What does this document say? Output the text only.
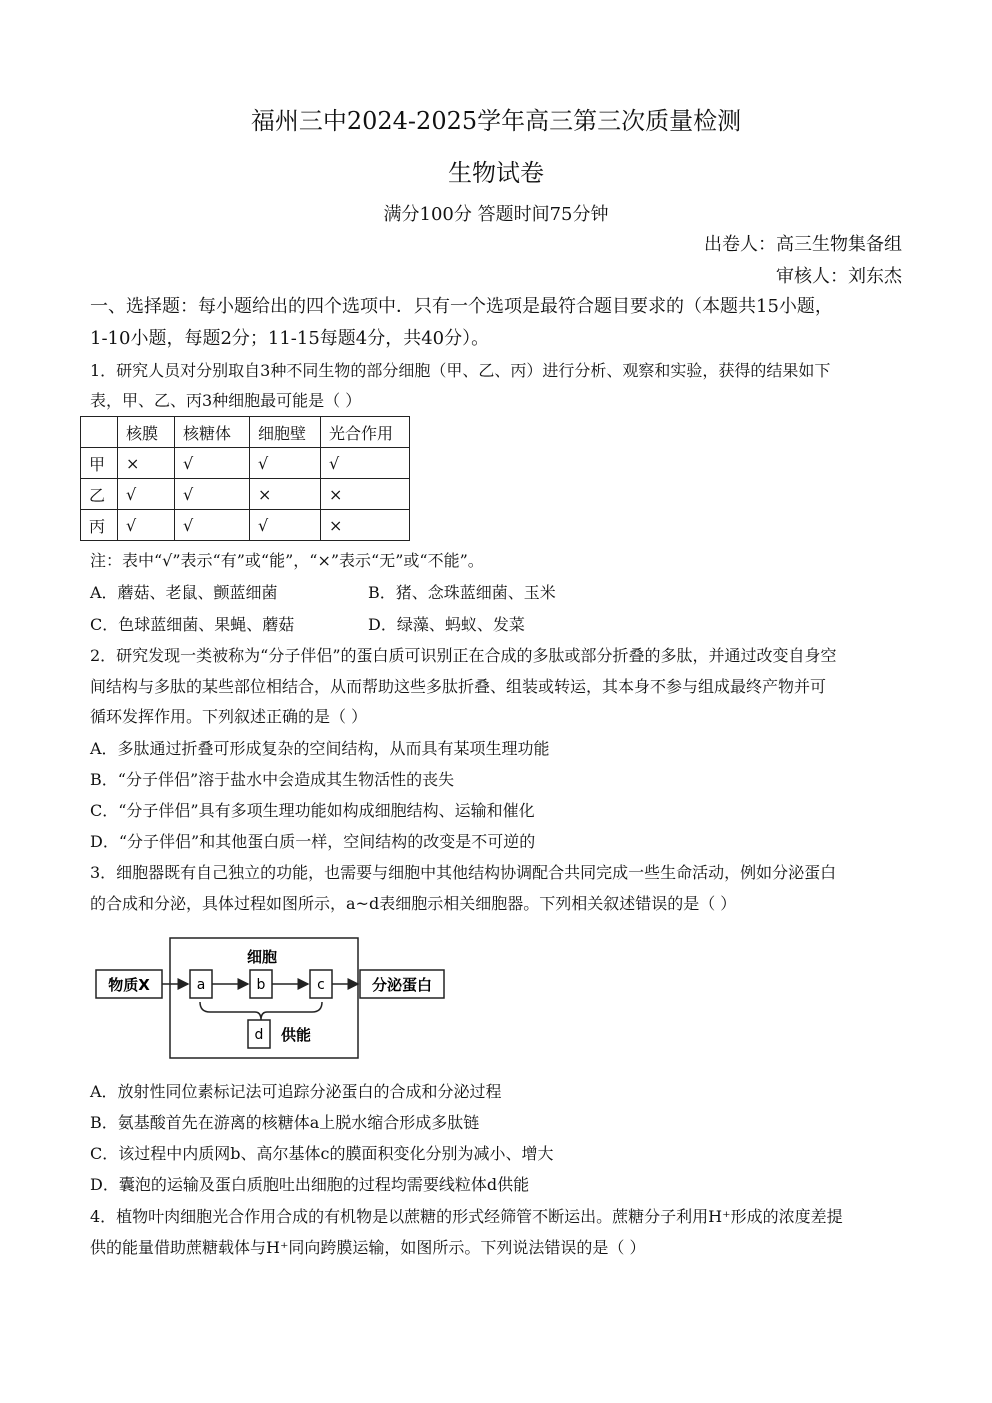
福州三中2024-2025学年高三第三次质量检测
生物试卷
满分100分 答题时间75分钟
出卷人：高三生物集备组
审核人：刘东杰
一、选择题：每小题给出的四个选项中．只有一个选项是最符合题目要求的（本题共15小题，
1-10小题，每题2分；11-15每题4分，共40分）。
1．研究人员对分别取自3种不同生物的部分细胞（甲、乙、丙）进行分析、观察和实验，获得的结果如下
表，甲、乙、丙3种细胞最可能是（ ）
	核膜	核糖体	细胞壁	光合作用
甲	×	√	√	√
乙	√	√	×	×
丙	√	√	√	×
注：表中“√”表示“有”或“能”，“×”表示“无”或“不能”。
A．蘑菇、老鼠、颤蓝细菌	B．猪、念珠蓝细菌、玉米
C．色球蓝细菌、果蝇、蘑菇	D．绿藻、蚂蚁、发菜
2．研究发现一类被称为“分子伴侣”的蛋白质可识别正在合成的多肽或部分折叠的多肽，并通过改变自身空
间结构与多肽的某些部位相结合，从而帮助这些多肽折叠、组装或转运，其本身不参与组成最终产物并可
循环发挥作用。下列叙述正确的是（ ）
A．多肽通过折叠可形成复杂的空间结构，从而具有某项生理功能
B．“分子伴侣”溶于盐水中会造成其生物活性的丧失
C．“分子伴侣”具有多项生理功能如构成细胞结构、运输和催化
D．“分子伴侣”和其他蛋白质一样，空间结构的改变是不可逆的
3．细胞器既有自己独立的功能，也需要与细胞中其他结构协调配合共同完成一些生命活动，例如分泌蛋白
的合成和分泌，具体过程如图所示，a~d表细胞示相关细胞器。下列相关叙述错误的是（ ）
细胞
物质X	a	b	c	分泌蛋白
d 供能
A．放射性同位素标记法可追踪分泌蛋白的合成和分泌过程
B．氨基酸首先在游离的核糖体a上脱水缩合形成多肽链
C．该过程中内质网b、高尔基体c的膜面积变化分别为减小、增大
D．囊泡的运输及蛋白质胞吐出细胞的过程均需要线粒体d供能
4．植物叶肉细胞光合作用合成的有机物是以蔗糖的形式经筛管不断运出。蔗糖分子利用H⁺形成的浓度差提
供的能量借助蔗糖载体与H⁺同向跨膜运输，如图所示。下列说法错误的是（ ）
